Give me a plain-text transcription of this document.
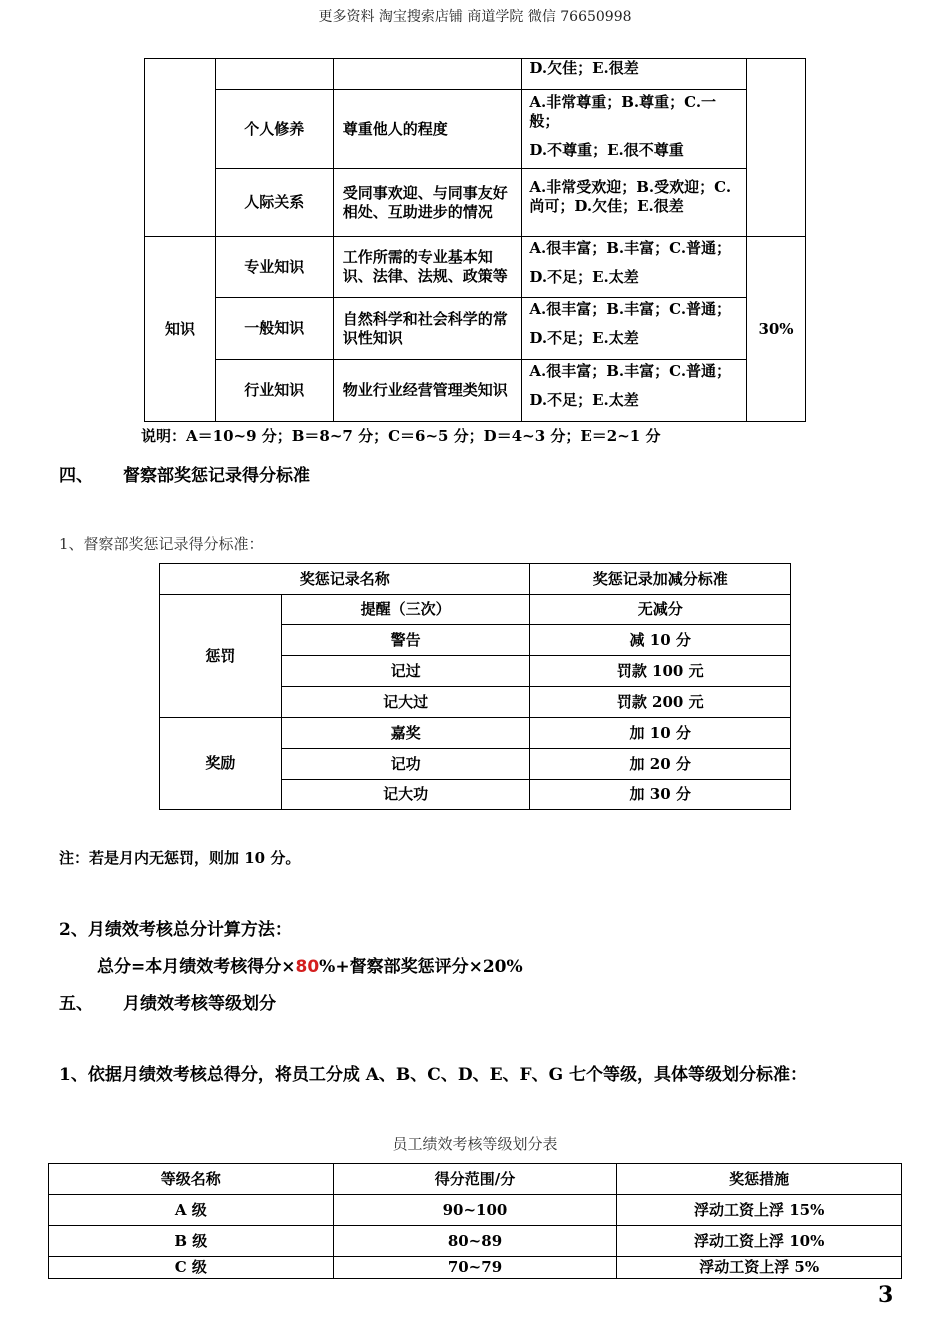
更多资料 淘宝搜索店铺 商道学院 微信 76650998
			D.欠佳；E.很差	
	个人修养	尊重他人的程度	A.非常尊重；B.尊重；C.一般；
D.不尊重；E.很不尊重	

	人际关系	受同事欢迎、与同事友好相处、互助进步的情况	A.非常受欢迎；B.受欢迎；C.尚可；D.欠佳；E.很差	
知识	专业知识	工作所需的专业基本知识、法律、法规、政策等	A.很丰富；B.丰富；C.普通；
D.不足；E.太差	30%
	一般知识	自然科学和社会科学的常识性知识	A.很丰富；B.丰富；C.普通；
D.不足；E.太差	

	行业知识	物业行业经营管理类知识	A.很丰富；B.丰富；C.普通；
D.不足；E.太差	
说明：A＝10~9 分；B＝8~7 分；C＝6~5 分；D＝4~3 分；E＝2~1 分
四、 督察部奖惩记录得分标准
1、督察部奖惩记录得分标准：
奖惩记录名称		奖惩记录加减分标准
惩罚	提醒（三次）	无减分
	警告	减 10 分
	记过	罚款 100 元
	记大过	罚款 200 元
奖励	嘉奖	加 10 分
	记功	加 20 分
	记大功	加 30 分
注：若是月内无惩罚，则加 10 分。
2、月绩效考核总分计算方法：
总分=本月绩效考核得分×80%+督察部奖惩评分×20%
五、 月绩效考核等级划分
1、依据月绩效考核总得分，将员工分成 A、B、C、D、E、F、G 七个等级，具体等级划分标准：
员工绩效考核等级划分表
等级名称	得分范围/分	奖惩措施
A 级	90~100	浮动工资上浮 15%
B 级	80~89	浮动工资上浮 10%
C 级	70~79	浮动工资上浮 5%
3
